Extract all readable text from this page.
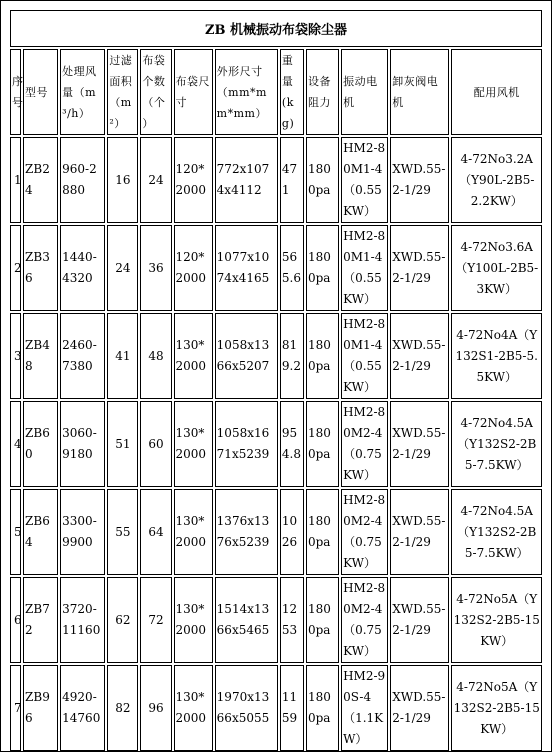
ZB 机械振动布袋除尘器											
序号	型号	处理风量（m³/h）	过滤面积（m²）	布袋个数（个）	布袋尺寸	外形尺寸 （mm*mm*mm）	重量(kg)	设备阻力	振动电机	卸灰阀电机	配用风机
1	ZB24	960-2880	16	24	120*2000	772x1074x4112	471	1800pa	HM2-80M1-4（0.55KW）	XWD.55-2-1/29	4-72No3.2A（Y90L-2B5-2.2KW）
2	ZB36	1440-4320	24	36	120*2000	1077x1074x4165	565.6	1800pa	HM2-80M1-4（0.55KW）	XWD.55-2-1/29	4-72No3.6A（Y100L-2B5-3KW）
3	ZB48	2460-7380	41	48	130*2000	1058x1366x5207	819.2	1800pa	HM2-80M1-4（0.55KW）	XWD.55-2-1/29	4-72No4A（Y132S1-2B5-5.5KW）
4	ZB60	3060-9180	51	60	130*2000	1058x1671x5239	954.8	1800pa	HM2-80M2-4（0.75KW）	XWD.55-2-1/29	4-72No4.5A（Y132S2-2B5-7.5KW）
5	ZB64	3300-9900	55	64	130*2000	1376x1376x5239	1026	1800pa	HM2-80M2-4（0.75KW）	XWD.55-2-1/29	4-72No4.5A（Y132S2-2B5-7.5KW）
6	ZB72	3720-11160	62	72	130*2000	1514x1366x5465	1253	1800pa	HM2-80M2-4（0.75KW）	XWD.55-2-1/29	4-72No5A（Y132S2-2B5-15KW）
7	ZB96	4920-14760	82	96	130*2000	1970x1366x5055	1159	1800pa	HM2-90S-4（1.1KW）	XWD.55-2-1/29	4-72No5A（Y132S2-2B5-15KW）
